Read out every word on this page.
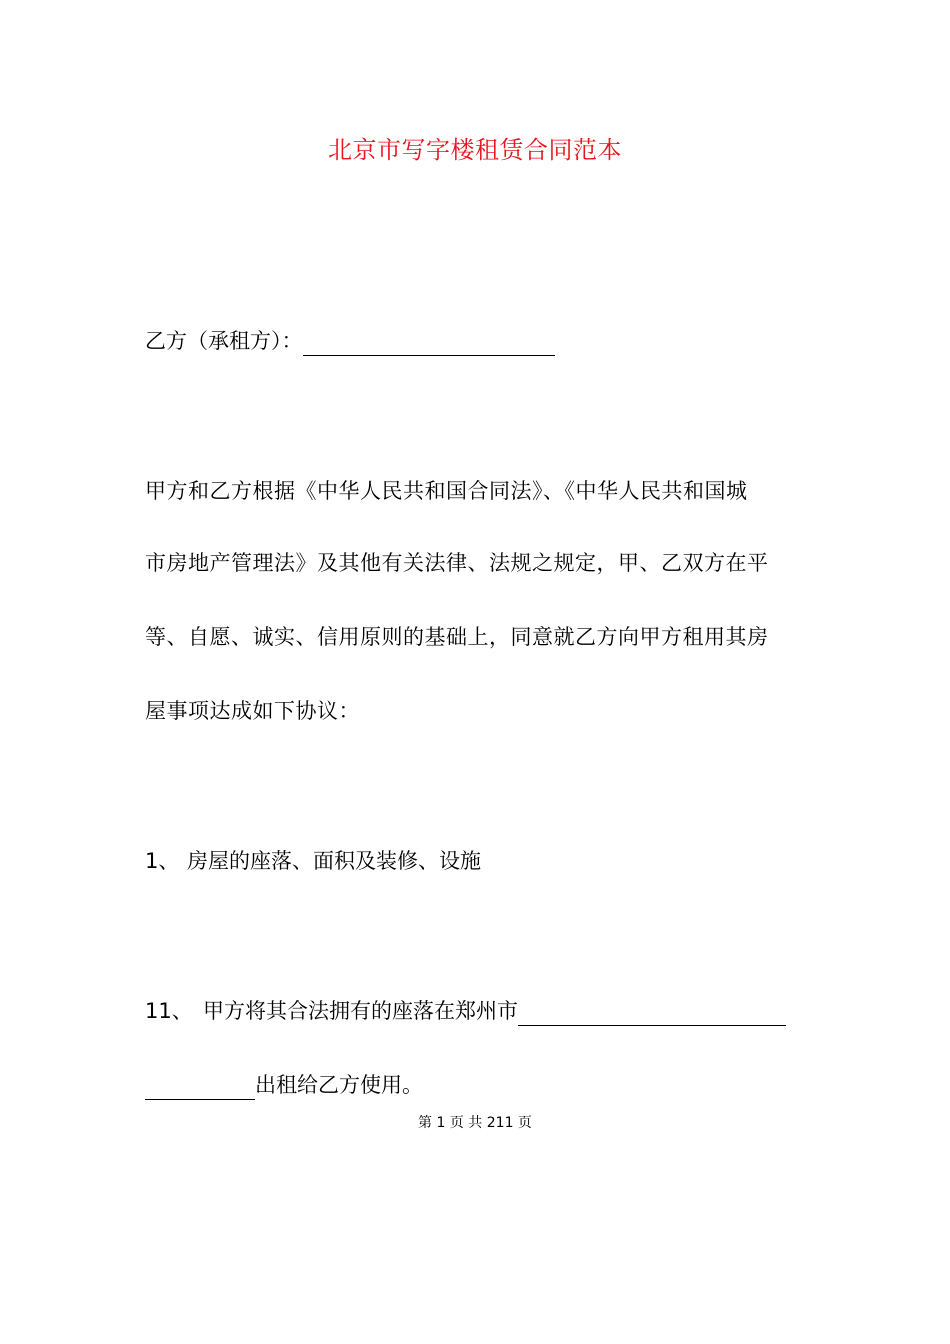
北京市写字楼租赁合同范本
乙方（承租方）：
甲方和乙方根据《中华人民共和国合同法》、《中华人民共和国城
市房地产管理法》及其他有关法律、法规之规定，甲、乙双方在平
等、自愿、诚实、信用原则的基础上，同意就乙方向甲方租用其房
屋事项达成如下协议：
1、 房屋的座落、面积及装修、设施
11、 甲方将其合法拥有的座落在郑州市
出租给乙方使用。
第 1 页 共 211 页
